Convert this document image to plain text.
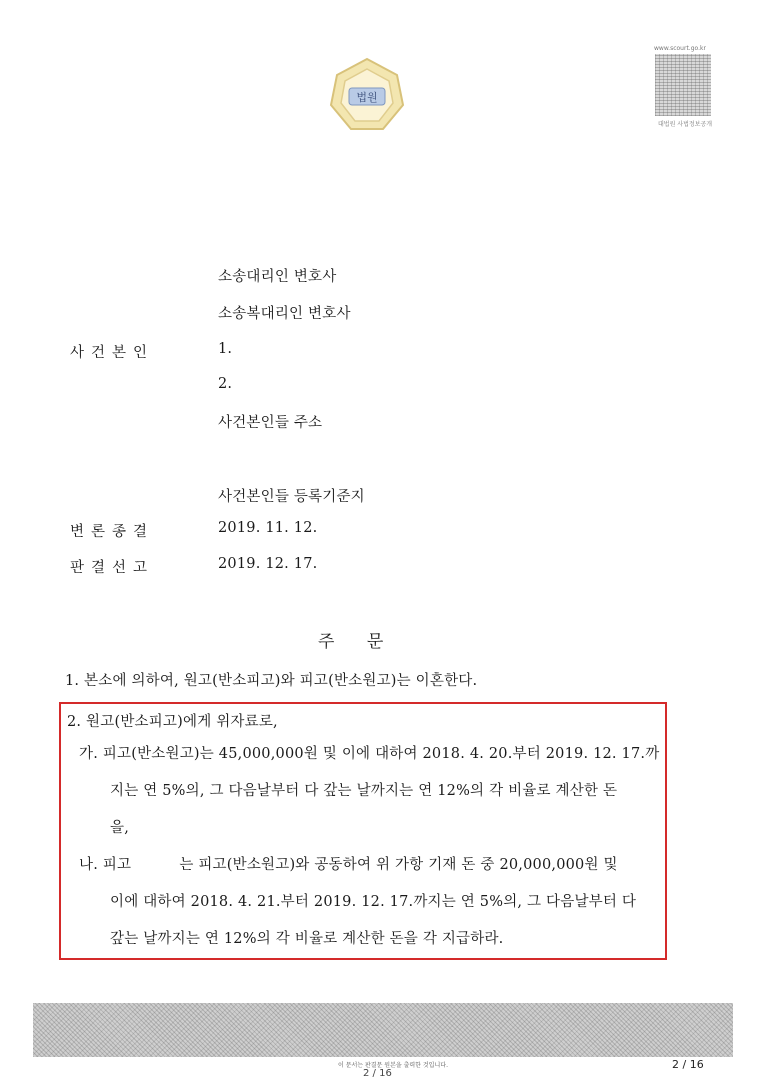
법원
www.scourt.go.kr
대법원 사법정보공개
소송대리인 변호사
소송복대리인 변호사
사건본인	1.
2.
사건본인들 주소
사건본인들 등록기준지
변론종결	2019. 11. 12.
판결선고	2019. 12. 17.
주      문
1. 본소에 의하여, 원고(반소피고)와 피고(반소원고)는 이혼한다.
2. 원고(반소피고)에게 위자료로,
가. 피고(반소원고)는 45,000,000원 및 이에 대하여 2018. 4. 20.부터 2019. 12. 17.까
지는 연 5%의, 그 다음날부터 다 갚는 날까지는 연 12%의 각 비율로 계산한 돈
을,
나. 피고          는 피고(반소원고)와 공동하여 위 가항 기재 돈 중 20,000,000원 및
이에 대하여 2018. 4. 21.부터 2019. 12. 17.까지는 연 5%의, 그 다음날부터 다
갚는 날까지는 연 12%의 각 비율로 계산한 돈을 각 지급하라.
이 문서는 판결문 원본을 출력한 것입니다.
2 / 16
2 / 16
